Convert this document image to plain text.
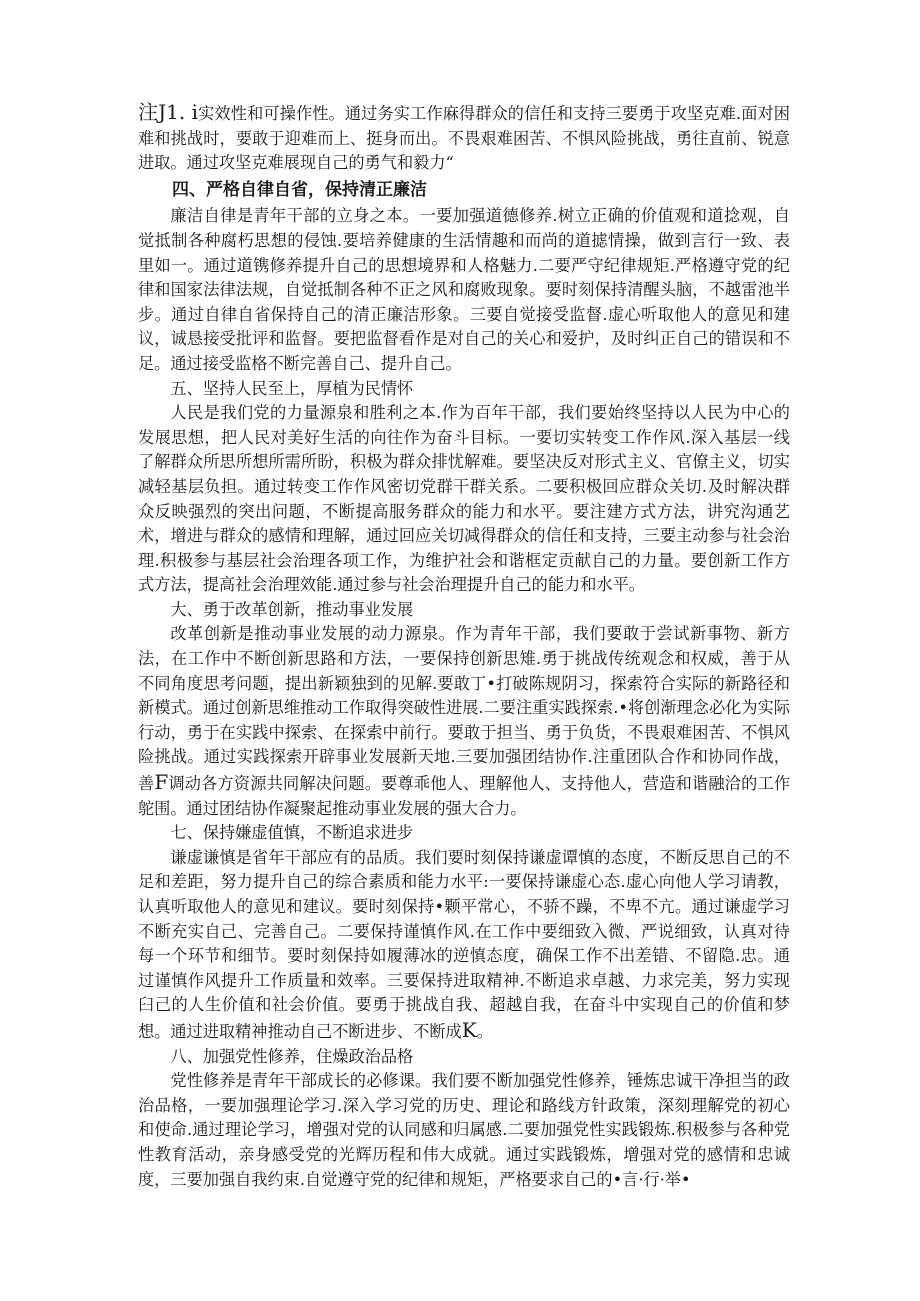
注J1. i实效性和可操作性。通过务实工作麻得群众的信任和支持三要勇于攻坚克难.面对困难和挑战时，要敢于迎难而上、挺身而出。不畏艰难困苦、不惧风险挑战，勇往直前、锐意进取。通过攻坚克难展现自己的勇气和毅力“

四、严格自律自省，保持清正廉洁

廉洁自律是青年干部的立身之本。一要加强道德修养.树立正确的价值观和道捻观，自觉抵制各种腐朽思想的侵蚀.要培养健康的生活情趣和而尚的道摅情操，做到言行一致、表里如一。通过道镌修养提升自己的思想境界和人格魅力.二要严守纪律规矩.严格遵守党的纪律和国家法律法规，自觉抵制各种不正之风和腐败现象。要时刻保持清醒头脑，不越雷池半步。通过自律自省保持自己的清正廉洁形象。三要自觉接受监督.虚心听取他人的意见和建议，诚恳接受批评和监督。要把监督看作是对自己的关心和爱护，及时纠正自己的错误和不足。通过接受监格不断完善自己、提升自己。

五、坚持人民至上，厚植为民情怀

人民是我们党的力量源泉和胜利之本.作为百年干部，我们要始终坚持以人民为中心的发展思想，把人民对美好生活的向往作为奋斗目标。一要切实转变工作作风.深入基层一线了解群众所思所想所需所盼，积极为群众排忧解难。要坚决反对形式主义、官僚主义，切实减轻基层负担。通过转变工作作风密切党群干群关系。二要积极回应群众关切.及时解决群众反映强烈的突出问题，不断提高服务群众的能力和水平。要注建方式方法，讲究沟通艺术，增进与群众的感情和理解，通过回应关切减得群众的信任和支持，三要主动参与社会治理.积极参与基层社会治理各项工作，为维护社会和谐框定贡献自己的力量。要创新工作方式方法，提高社会治理效能.通过参与社会治理提升自己的能力和水平。

大、勇于改革创新，推动事业发展

改革创新是推动事业发展的动力源泉。作为青年干部，我们要敢于尝试新事物、新方法，在工作中不断创新思路和方法，一要保持创新思雉.勇于挑战传统观念和权威，善于从不同角度思考问题，提出新颖独到的见解.要敢丁•打破陈规阴习，探索符合实际的新路径和新模式。通过创新思维推动工作取得突破性进展.二要注重实践探索.•将创渐理念必化为实际行动，勇于在实践中探索、在探索中前行。要敢于担当、勇于负货，不畏艰难困苦、不惧风险挑战。通过实践探索开辟事业发展新天地.三要加强团结协作.注重团队合作和协同作战，善F调动各方资源共同解决问题。要尊乖他人、理解他人、支持他人，营造和谐融洽的工作鸵围。通过团结协作凝聚起推动事业发展的强大合力。

七、保持嫌虚值慎，不断追求进步

谦虚谦慎是省年干部应有的品质。我们要时刻保持谦虚谭慎的态度，不断反思自己的不足和差距，努力提升自己的综合素质和能力水平:一要保持谦虚心态.虚心向他人学习请教，认真听取他人的意见和建议。要时刻保持•颗平常心，不骄不躁，不卑不亢。通过谦虚学习不断充实自己、完善自己。二要保持谨慎作风.在工作中要细致入微、严说细致，认真对待每一个环节和细节。要时刻保持如履薄冰的逆慎态度，确保工作不出差错、不留隐.忠。通过谨慎作风提升工作质量和效率。三要保持进取精神.不断追求卓越、力求完美，努力实现臼己的人生价值和社会价值。要勇于挑战自我、超越自我，在奋斗中实现自己的价值和梦想。通过进取精神推动自己不断进步、不断成K。

八、加强党性修养，住燥政治品格

党性修养是青年干部成长的必修课。我们要不断加强党性修养，锤炼忠诚干净担当的政治品格，一要加强理论学习.深入学习党的历史、理论和路线方针政策，深刻理解党的初心和使命.通过理论学习，增强对党的认同感和归属感.二要加强党性实践锻炼.积极参与各种党性教育活动，亲身感受党的光辉历程和伟大成就。通过实践锻炼，增强对党的感情和忠诚度，三要加强自我约束.自觉遵守党的纪律和规矩，严格要求自己的•言·行·举•
